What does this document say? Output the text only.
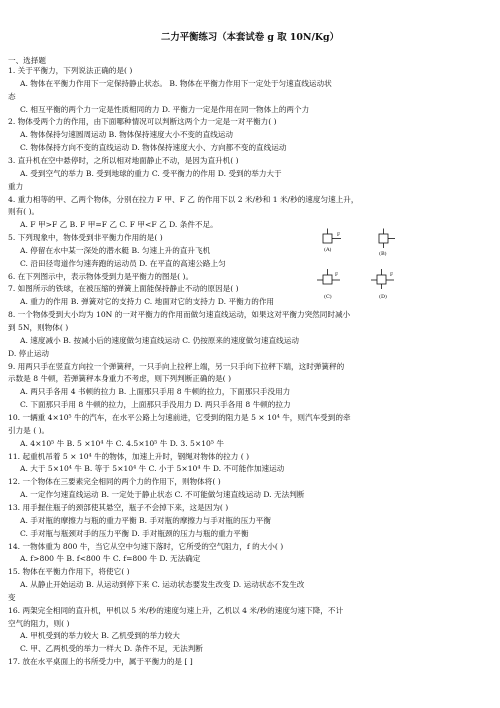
二力平衡练习（本套试卷 g 取 10N/Kg）
一、选择题
1. 关于平衡力，下列说法正确的是( )
A. 物体在平衡力作用下一定保持静止状态。 B. 物体在平衡力作用下一定处于匀速直线运动状
态
C. 相互平衡的两个力一定是性质相同的力 D. 平衡力一定是作用在同一物体上的两个力
2. 物体受两个力的作用，由下面哪种情况可以判断这两个力一定是一对平衡力( )
A. 物体保持匀速圆周运动 B. 物体保持速度大小不变的直线运动
C. 物体保持方向不变的直线运动 D. 物体保持速度大小、方向都不变的直线运动
3. 直升机在空中悬停时，之所以相对地面静止不动，是因为直升机( )
A. 受到空气的举力 B. 受到地球的重力 C. 受平衡力的作用 D. 受到的举力大于
重力
4. 重力相等的甲、乙两个物体，分别在拉力 F 甲、F 乙 的作用下以 2 米/秒和 1 米/秒的速度匀速上升，
则有( )。
A. F 甲>F 乙 B. F 甲=F 乙 C. F 甲<F 乙 D. 条件不足。
5. 下列现象中，物体受到非平衡力作用的是( )
A. 停留在水中某一深处的潜水艇 B. 匀速上升的直升飞机
C. 沿田径弯道作匀速奔跑的运动员 D. 在平直的高速公路上匀
6. 在下列图示中，表示物体受到力是平衡力的图是( )。
7. 如图所示的铁球，在被压缩的弹簧上面能保持静止不动的原因是( )
A. 重力的作用 B. 弹簧对它的支持力 C. 地面对它的支持力 D. 平衡力的作用
8. 一个物体受到大小均为 10N 的一对平衡力的作用而做匀速直线运动，如果这对平衡力突然同时减小
到 5N，则物体( )
A. 速度减小 B. 按减小后的速度做匀速直线运动 C. 仍按原来的速度做匀速直线运动
D. 停止运动
9. 用两只手在竖直方向拉一个弹簧秤，一只手向上拉秤上端，另一只手向下拉秤下端，这时弹簧秤的
示数是 8 牛顿，若弹簧秤本身重力不考虑，则下列判断正确的是( )
A. 两只手各用 4 书顿的拉力 B. 上面那只手用 8 牛顿的拉力，下面那只手没用力
C. 下面那只手用 8 牛顿的拉力，上面那只手没用力 D. 两只手各用 8 牛顿的拉力
10. 一辆重 4×10⁵ 牛的汽车，在水平公路上匀速前进，它受到的阻力是 5 × 10⁴ 牛，则汽车受到的牵
引力是 ( )。
A. 4×10⁵ 牛 B. 5 ×10⁴ 牛 C. 4.5×10⁵ 牛 D. 3. 5×10⁵ 牛
11. 起重机吊着 5 × 10⁴ 牛的物体，加速上升时，钢绳对物体的拉力 ( )
A. 大于 5×10⁴ 牛 B. 等于 5×10⁴ 牛 C. 小于 5×10⁴ 牛 D. 不可能作加速运动
12. 一个物体在三要素完全相同的两个力的作用下，则物体将( )
A. 一定作匀速直线运动 B. 一定处于静止状态 C. 不可能做匀速直线运动 D. 无法判断
13. 用手握住瓶子的颈部使其悬空，瓶子不会掉下来，这是因为( )
A. 手对瓶的摩擦力与瓶的重力平衡 B. 手对瓶的摩擦力与手对瓶的压力平衡
C. 手对瓶与瓶颈对手的压力平衡 D. 手对瓶颈的压力与瓶的重力平衡
14. 一物体重为 800 牛，当它从空中匀速下落时，它所受的空气阻力，f 的大小( )
A. f>800 牛 B. f<800 牛 C. f=800 牛 D. 无法确定
15. 物体在平衡力作用下，将使它( )
A. 从静止开始运动 B. 从运动到停下来 C. 运动状态要发生改变 D. 运动状态不发生改
变
16. 两架完全相同的直升机，甲机以 5 米/秒的速度匀速上升，乙机以 4 米/秒的速度匀速下降，不计
空气的阻力，则( )
A. 甲机受到的举力较大 B. 乙机受到的举力较大
C. 甲、乙两机受的举力一样大 D. 条件不足，无法判断
17. 放在水平桌面上的书所受力中，属于平衡力的是 [ ]
F
(A)
(B)
F
(C)
F
(D)
